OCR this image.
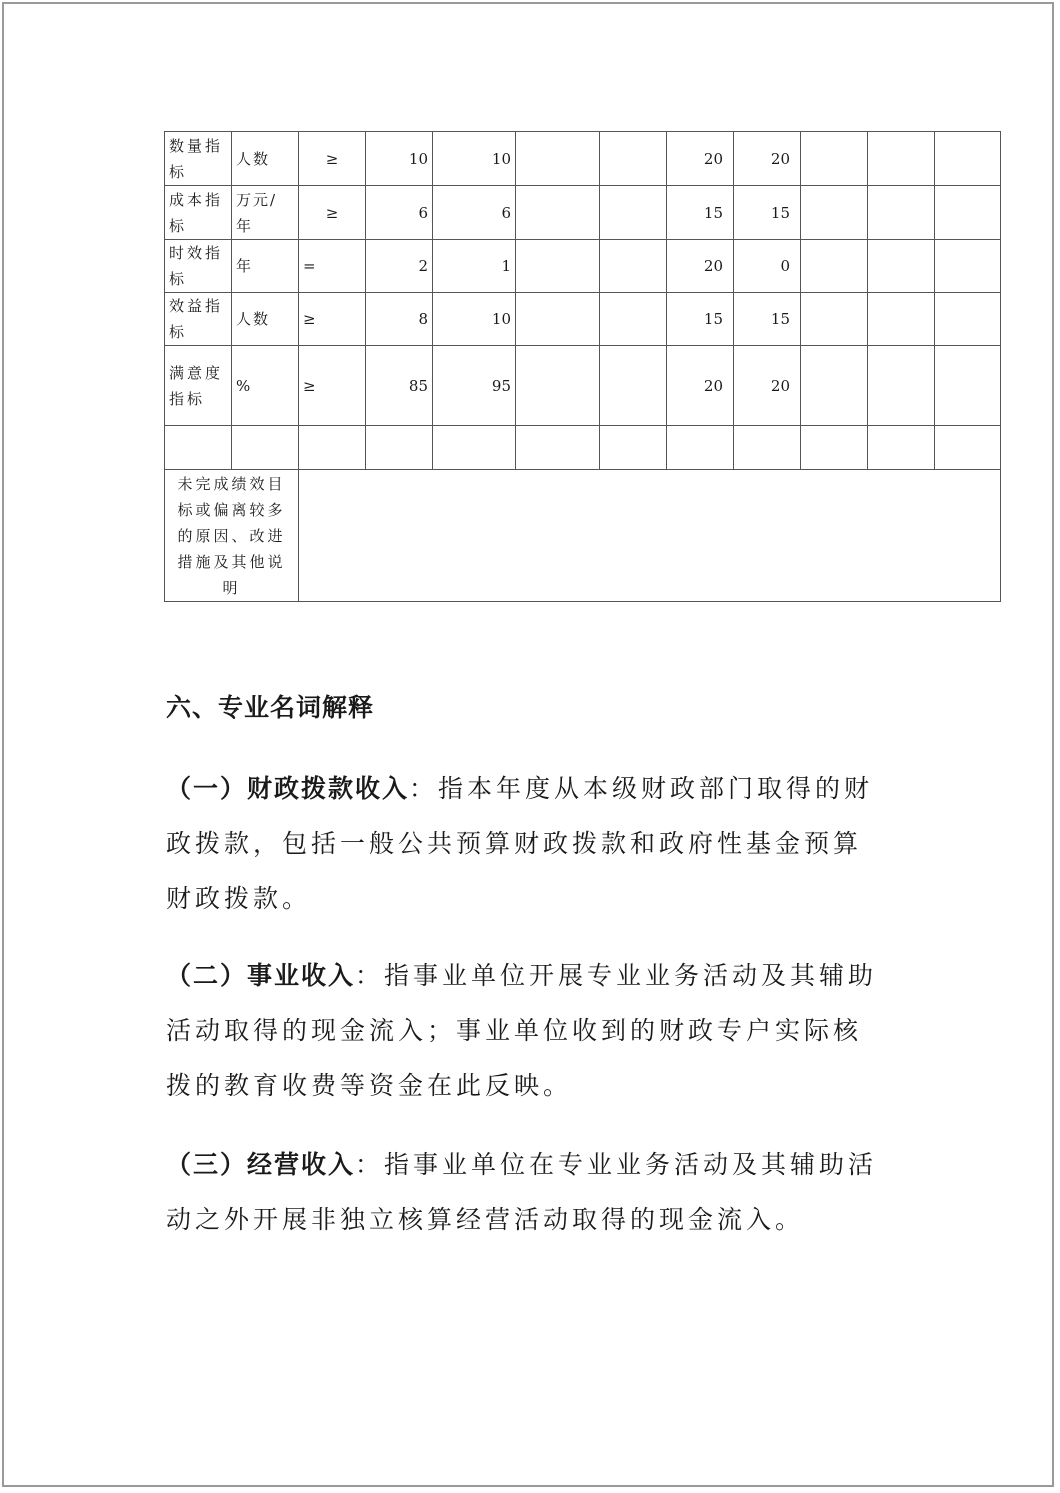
数量指标	人数	≥	10	10			20	20			
成本指标	万元/年	≥	6	6			15	15			
时效指标	年	=	2	1			20	0			
效益指标	人数	≥	8	10			15	15			
满意度指标	%	≥	85	95			20	20			

未完成绩效目标或偏离较多的原因、改进措施及其他说明											
六、专业名词解释
（一）财政拨款收入：指本年度从本级财政部门取得的财政拨款，包括一般公共预算财政拨款和政府性基金预算财政拨款。
（二）事业收入：指事业单位开展专业业务活动及其辅助活动取得的现金流入；事业单位收到的财政专户实际核拨的教育收费等资金在此反映。
（三）经营收入：指事业单位在专业业务活动及其辅助活动之外开展非独立核算经营活动取得的现金流入。
